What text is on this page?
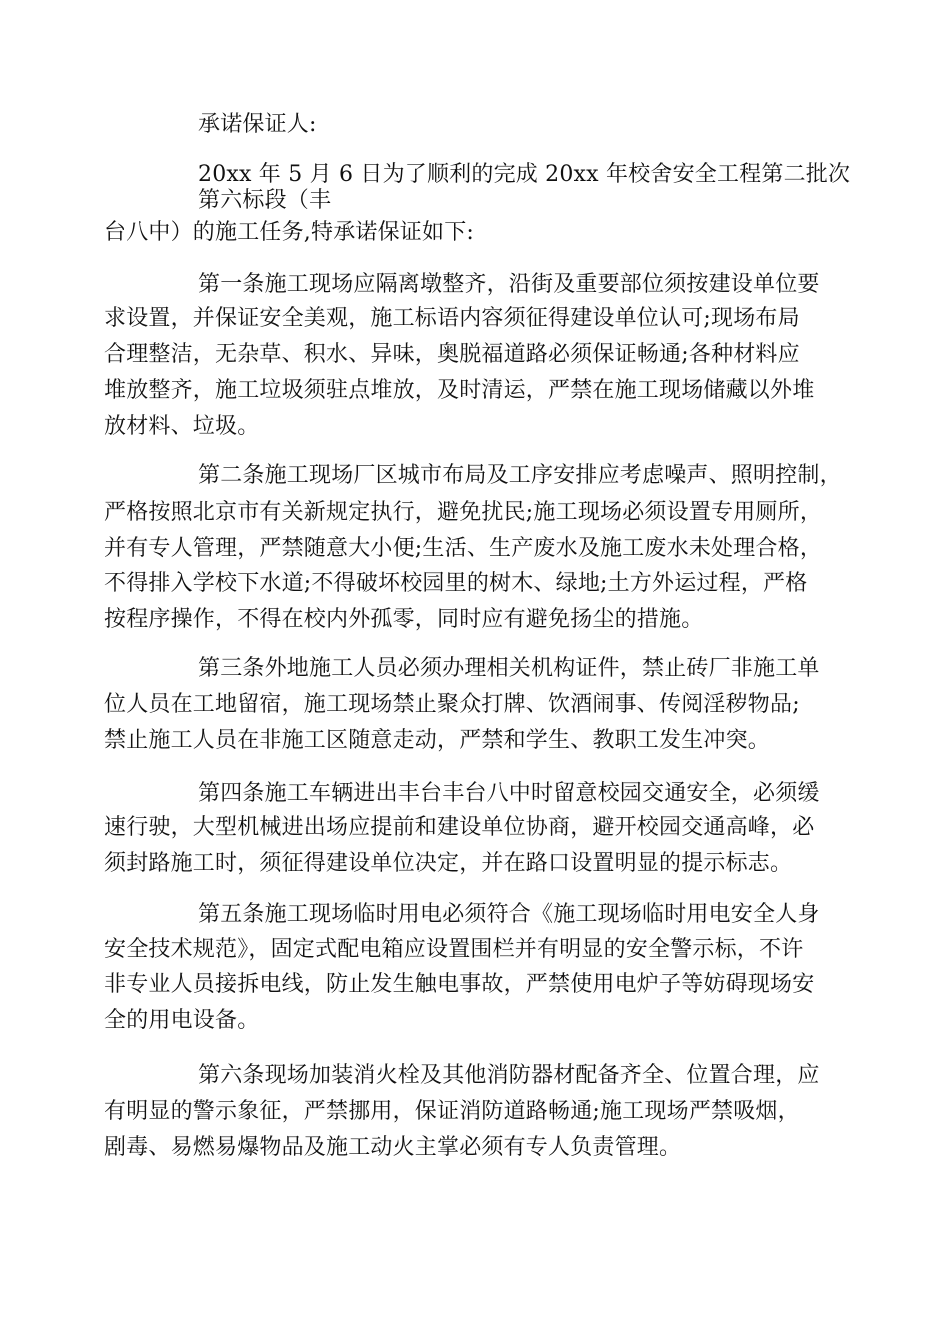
承诺保证人:
20xx 年 5 月 6 日为了顺利的完成 20xx 年校舍安全工程第二批次
第六标段（丰
台八中）的施工任务,特承诺保证如下:
第一条施工现场应隔离墩整齐，沿街及重要部位须按建设单位要
求设置，并保证安全美观，施工标语内容须征得建设单位认可;现场布局
合理整洁，无杂草、积水、异味，奥脱福道路必须保证畅通;各种材料应
堆放整齐，施工垃圾须驻点堆放，及时清运，严禁在施工现场储藏以外堆
放材料、垃圾。
第二条施工现场厂区城市布局及工序安排应考虑噪声、照明控制，
严格按照北京市有关新规定执行，避免扰民;施工现场必须设置专用厕所，
并有专人管理，严禁随意大小便;生活、生产废水及施工废水未处理合格，
不得排入学校下水道;不得破坏校园里的树木、绿地;土方外运过程，严格
按程序操作，不得在校内外孤零，同时应有避免扬尘的措施。
第三条外地施工人员必须办理相关机构证件，禁止砖厂非施工单
位人员在工地留宿，施工现场禁止聚众打牌、饮酒闹事、传阅淫秽物品;
禁止施工人员在非施工区随意走动，严禁和学生、教职工发生冲突。
第四条施工车辆进出丰台丰台八中时留意校园交通安全，必须缓
速行驶，大型机械进出场应提前和建设单位协商，避开校园交通高峰，必
须封路施工时，须征得建设单位决定，并在路口设置明显的提示标志。
第五条施工现场临时用电必须符合《施工现场临时用电安全人身
安全技术规范》，固定式配电箱应设置围栏并有明显的安全警示标，不许
非专业人员接拆电线，防止发生触电事故，严禁使用电炉子等妨碍现场安
全的用电设备。
第六条现场加装消火栓及其他消防器材配备齐全、位置合理，应
有明显的警示象征，严禁挪用，保证消防道路畅通;施工现场严禁吸烟，
剧毒、易燃易爆物品及施工动火主掌必须有专人负责管理。
